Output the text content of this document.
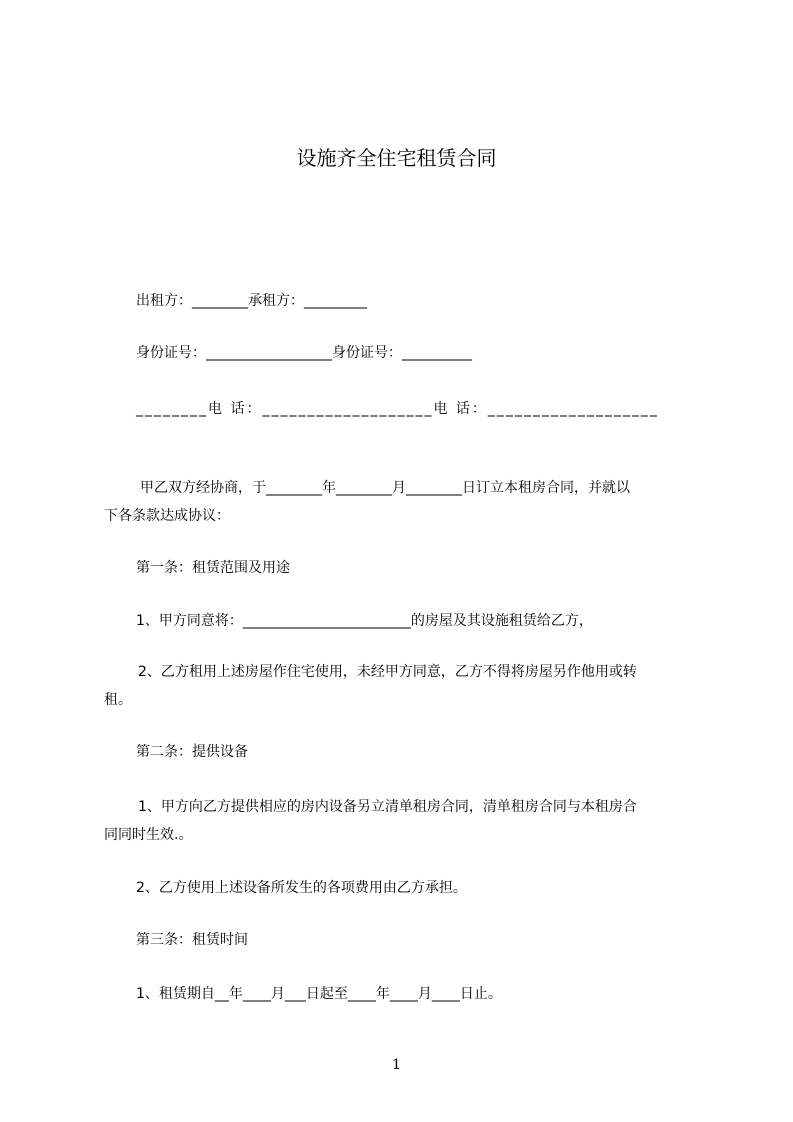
设施齐全住宅租赁合同
出租方：________承租方：_________
身份证号：__________________身份证号：__________
________电 话：___________________电 话：___________________
甲乙双方经协商，于________年________月________日订立本租房合同，并就以
下各条款达成协议：
第一条：租赁范围及用途
1、甲方同意将：________________________的房屋及其设施租赁给乙方，
2、乙方租用上述房屋作住宅使用，未经甲方同意，乙方不得将房屋另作他用或转
租。
第二条：提供设备
1、甲方向乙方提供相应的房内设备另立清单租房合同，清单租房合同与本租房合
同同时生效.。
2、乙方使用上述设备所发生的各项费用由乙方承担。
第三条：租赁时间
1、租赁期自__年____月___日起至____年____月____日止。
1
